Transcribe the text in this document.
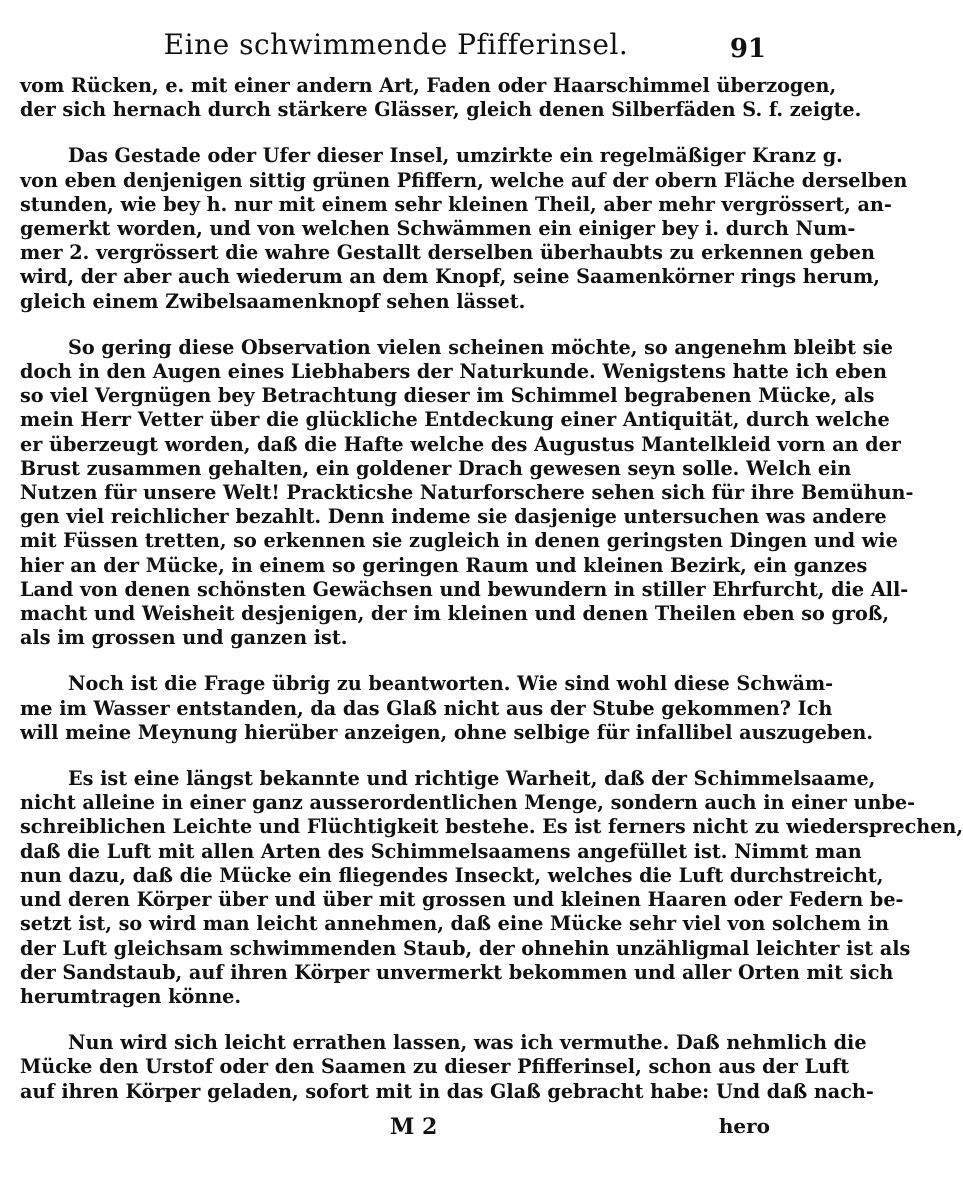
Eine schwimmende Pfifferinsel.	91
vom Rücken, e. mit einer andern Art, Faden oder Haarschimmel überzogen,
der sich hernach durch stärkere Glässer, gleich denen Silberfäden S. f. zeigte.
Das Gestade oder Ufer dieser Insel, umzirkte ein regelmäßiger Kranz g.
von eben denjenigen sittig grünen Pfiffern, welche auf der obern Fläche derselben
stunden, wie bey h. nur mit einem sehr kleinen Theil, aber mehr vergrössert, an-
gemerkt worden, und von welchen Schwämmen ein einiger bey i. durch Num-
mer 2. vergrössert die wahre Gestallt derselben überhaubts zu erkennen geben
wird, der aber auch wiederum an dem Knopf, seine Saamenkörner rings herum,
gleich einem Zwibelsaamenknopf sehen lässet.
So gering diese Observation vielen scheinen möchte, so angenehm bleibt sie
doch in den Augen eines Liebhabers der Naturkunde. Wenigstens hatte ich eben
so viel Vergnügen bey Betrachtung dieser im Schimmel begrabenen Mücke, als
mein Herr Vetter über die glückliche Entdeckung einer Antiquität, durch welche
er überzeugt worden, daß die Hafte welche des Augustus Mantelkleid vorn an der
Brust zusammen gehalten, ein goldener Drach gewesen seyn solle. Welch ein
Nutzen für unsere Welt! Prackticshe Naturforschere sehen sich für ihre Bemühun-
gen viel reichlicher bezahlt. Denn indeme sie dasjenige untersuchen was andere
mit Füssen tretten, so erkennen sie zugleich in denen geringsten Dingen und wie
hier an der Mücke, in einem so geringen Raum und kleinen Bezirk, ein ganzes
Land von denen schönsten Gewächsen und bewundern in stiller Ehrfurcht, die All-
macht und Weisheit desjenigen, der im kleinen und denen Theilen eben so groß,
als im grossen und ganzen ist.
Noch ist die Frage übrig zu beantworten. Wie sind wohl diese Schwäm-
me im Wasser entstanden, da das Glaß nicht aus der Stube gekommen? Ich
will meine Meynung hierüber anzeigen, ohne selbige für infallibel auszugeben.
Es ist eine längst bekannte und richtige Warheit, daß der Schimmelsaame,
nicht alleine in einer ganz ausserordentlichen Menge, sondern auch in einer unbe-
schreiblichen Leichte und Flüchtigkeit bestehe. Es ist ferners nicht zu wiedersprechen,
daß die Luft mit allen Arten des Schimmelsaamens angefüllet ist. Nimmt man
nun dazu, daß die Mücke ein fliegendes Inseckt, welches die Luft durchstreicht,
und deren Körper über und über mit grossen und kleinen Haaren oder Federn be-
setzt ist, so wird man leicht annehmen, daß eine Mücke sehr viel von solchem in
der Luft gleichsam schwimmenden Staub, der ohnehin unzähligmal leichter ist als
der Sandstaub, auf ihren Körper unvermerkt bekommen und aller Orten mit sich
herumtragen könne.
Nun wird sich leicht errathen lassen, was ich vermuthe. Daß nehmlich die
Mücke den Urstof oder den Saamen zu dieser Pfifferinsel, schon aus der Luft
auf ihren Körper geladen, sofort mit in das Glaß gebracht habe: Und daß nach-
M 2	hero
